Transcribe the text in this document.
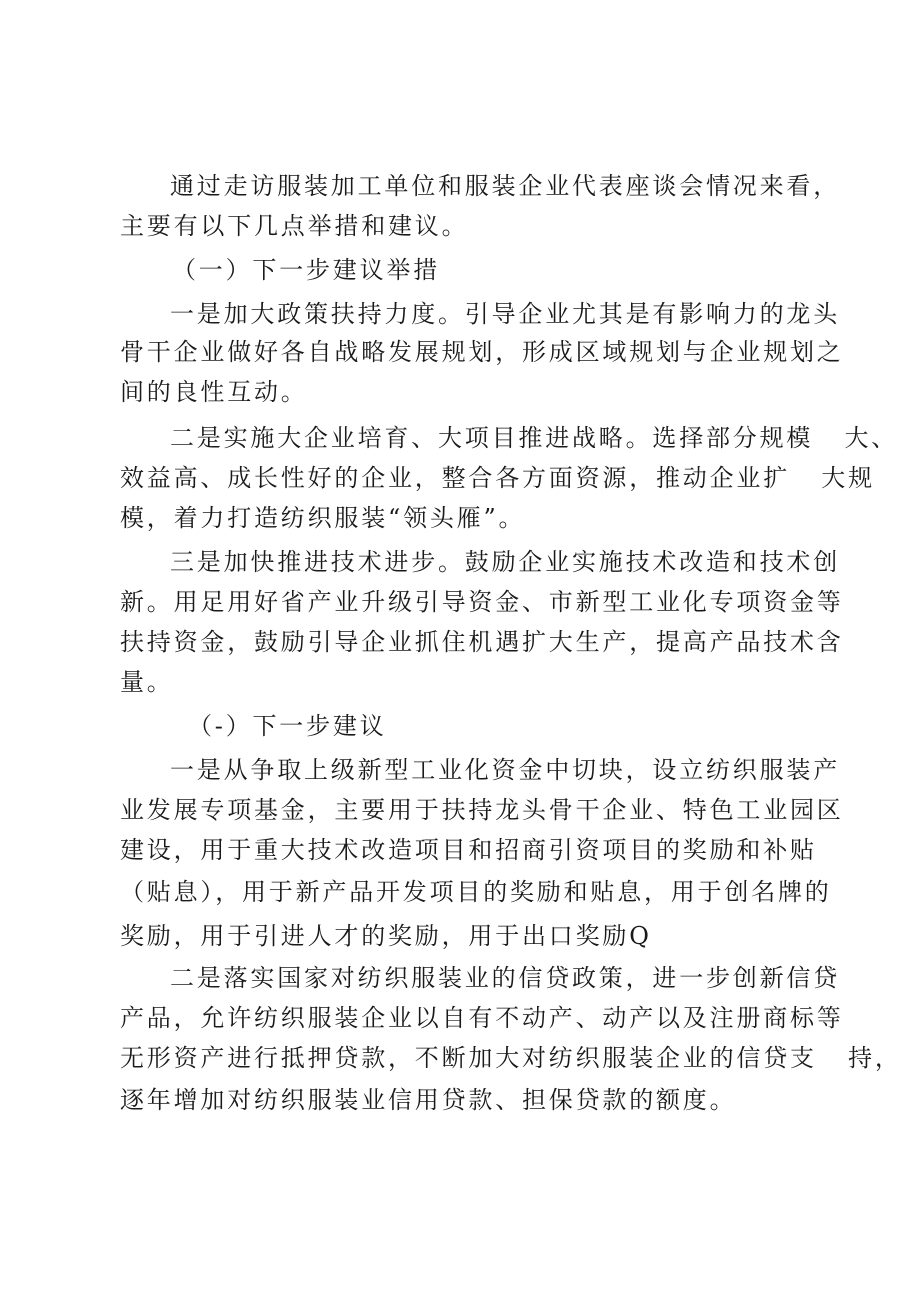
通过走访服装加工单位和服装企业代表座谈会情况来看，
主要有以下几点举措和建议。
（一）下一步建议举措
一是加大政策扶持力度。引导企业尤其是有影响力的龙头
骨干企业做好各自战略发展规划，形成区域规划与企业规划之
间的良性互动。
二是实施大企业培育、大项目推进战略。选择部分规模   大、
效益高、成长性好的企业，整合各方面资源，推动企业扩   大规
模，着力打造纺织服装“领头雁”。
三是加快推进技术进步。鼓励企业实施技术改造和技术创
新。用足用好省产业升级引导资金、市新型工业化专项资金等
扶持资金，鼓励引导企业抓住机遇扩大生产，提高产品技术含
量。
（-）下一步建议
一是从争取上级新型工业化资金中切块，设立纺织服装产
业发展专项基金，主要用于扶持龙头骨干企业、特色工业园区
建设，用于重大技术改造项目和招商引资项目的奖励和补贴
（贴息），用于新产品开发项目的奖励和贴息，用于创名牌的
奖励，用于引进人才的奖励，用于出口奖励Q
二是落实国家对纺织服装业的信贷政策，进一步创新信贷
产品，允许纺织服装企业以自有不动产、动产以及注册商标等
无形资产进行抵押贷款，不断加大对纺织服装企业的信贷支   持，
逐年增加对纺织服装业信用贷款、担保贷款的额度。
